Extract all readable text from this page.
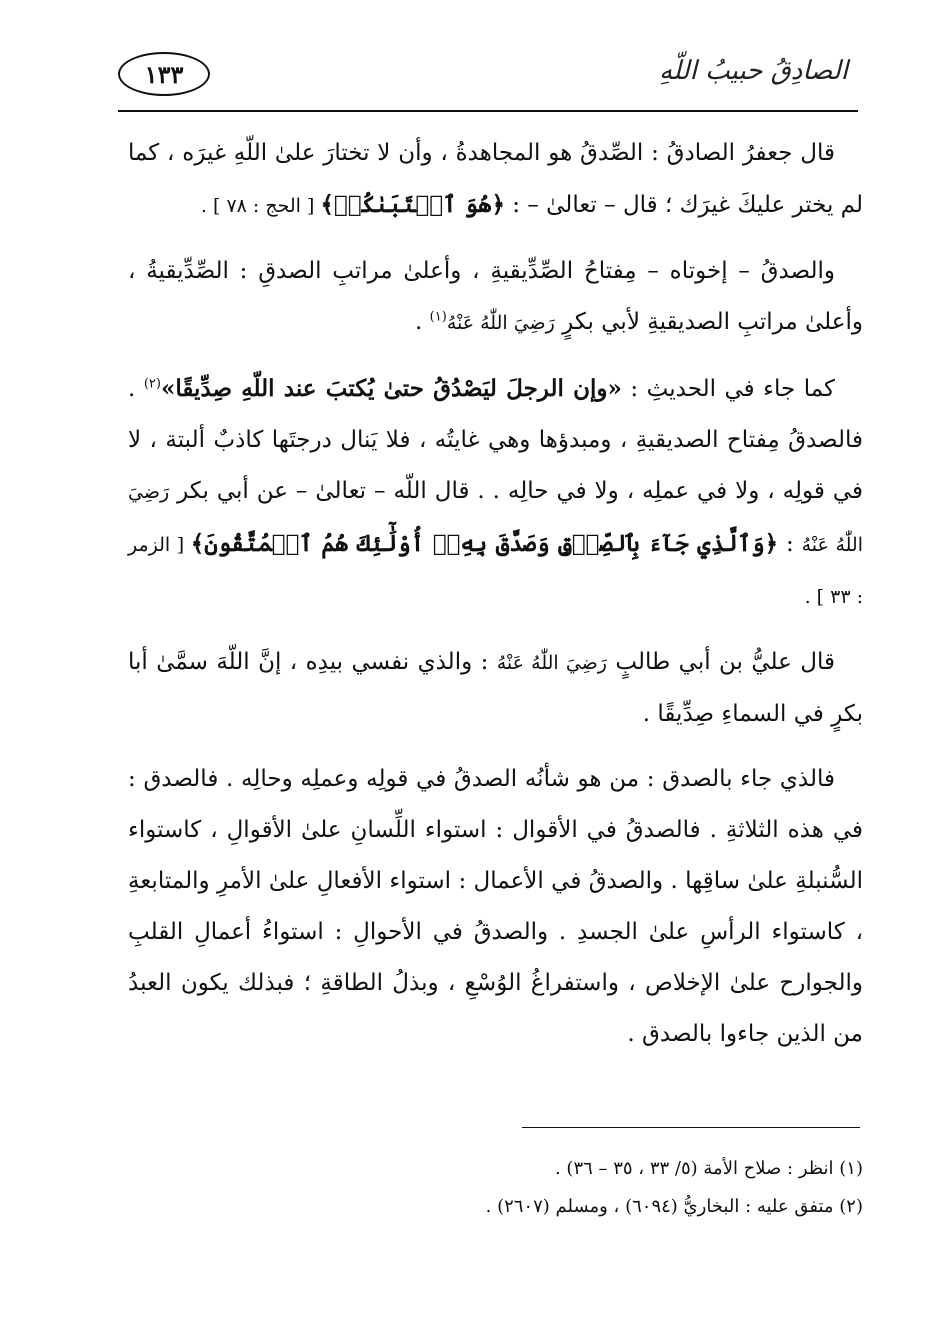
الصادِقُ حبيبُ اللّهِ
١٣٣

قال جعفرُ الصادقُ : الصِّدقُ هو المجاهدةُ ، وأن لا تختارَ علىٰ اللّهِ غيرَه ، كما لم يختر عليكَ غيرَك ؛ قال – تعالىٰ – : ﴿هُوَ ٱجۡتَبَىٰكُمۡ﴾ [ الحج : ٧٨ ] .

والصدقُ – إخوتاه – مِفتاحُ الصِّدِّيقيةِ ، وأعلىٰ مراتبِ الصدقِ : الصِّدِّيقيةُ ، وأعلىٰ مراتبِ الصديقيةِ لأبي بكرٍ رَضِيَ اللّٰهُ عَنْهُ$^{(١)}$ .

كما جاء في الحديثِ : «وإن الرجلَ ليَصْدُقُ حتىٰ يُكتبَ عند اللّهِ صِدِّيقًا»$^{(٢)}$ . فالصدقُ مِفتاح الصديقيةِ ، ومبدؤها وهي غايتُه ، فلا يَنال درجتَها كاذبٌ ألبتة ، لا في قولِه ، ولا في عملِه ، ولا في حالِه . . قال اللّه – تعالىٰ – عن أبي بكر رَضِيَ اللّٰهُ عَنْهُ : ﴿وَٱلَّذِي جَآءَ بِٱلصِّدۡقِ وَصَدَّقَ بِهِۦٓ أُوْلَٰٓئِكَ هُمُ ٱلۡمُتَّقُونَ﴾ [ الزمر : ٣٣ ] .

قال عليُّ بن أبي طالبٍ رَضِيَ اللّٰهُ عَنْهُ : والذي نفسي بيدِه ، إنَّ اللّهَ سمَّىٰ أبا بكرٍ في السماءِ صِدِّيقًا .

فالذي جاء بالصدق : من هو شأنُه الصدقُ في قولِه وعملِه وحالِه . فالصدق : في هذه الثلاثةِ . فالصدقُ في الأقوال : استواء اللِّسانِ علىٰ الأقوالِ ، كاستواء السُّنبلةِ علىٰ ساقِها . والصدقُ في الأعمال : استواء الأفعالِ علىٰ الأمرِ والمتابعةِ ، كاستواء الرأسِ علىٰ الجسدِ . والصدقُ في الأحوالِ : استواءُ أعمالِ القلبِ والجوارح علىٰ الإخلاص ، واستفراغُ الوُسْعِ ، وبذلُ الطاقةِ ؛ فبذلك يكون العبدُ من الذين جاءوا بالصدق .

(١) انظر : صلاح الأمة (٥/ ٣٣ ، ٣٥ – ٣٦) .

(٢) متفق عليه : البخاريُّ (٦٠٩٤) ، ومسلم (٢٦٠٧) .
